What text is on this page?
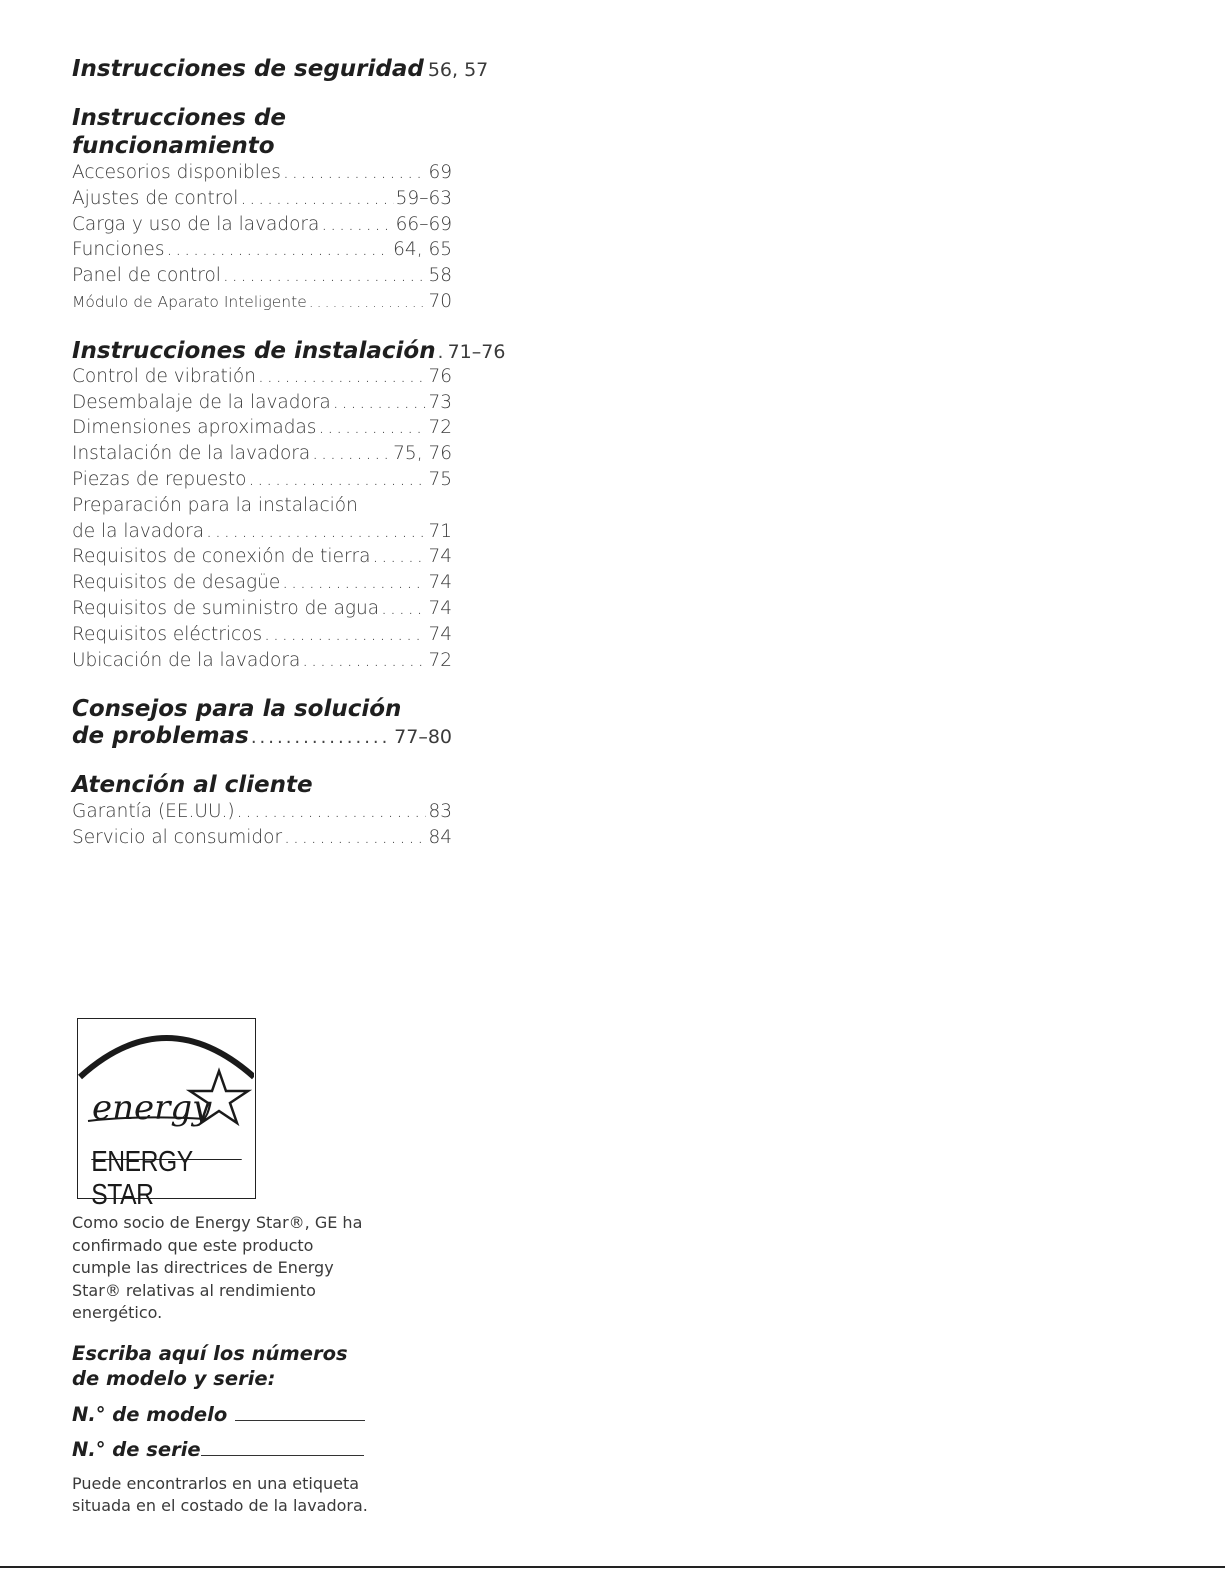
Instrucciones de seguridad 56, 57
Instrucciones de funcionamiento
Accesorios disponibles .....	69
Ajustes de control .....	59–63
Carga y uso de la lavadora .....	66–69
Funciones .....	64, 65
Panel de control .....	58
Módulo de Aparato Inteligente .....	70
Instrucciones de instalación ..... 71–76
Control de vibratión .....	76
Desembalaje de la lavadora .....	73
Dimensiones aproximadas .....	72
Instalación de la lavadora .....	75, 76
Piezas de repuesto .....	75
Preparación para la instalación
de la lavadora .....	71
Requisitos de conexión de tierra .....	74
Requisitos de desagüe .....	74
Requisitos de suministro de agua .....	74
Requisitos eléctricos .....	74
Ubicación de la lavadora .....	72
Consejos para la solución
de problemas .....	77–80
Atención al cliente
Garantía (EE.UU.) .....	83
Servicio al consumidor .....	84
energy
ENERGY STAR
Como socio de Energy Star®, GE ha confirmado que este producto cumple las directrices de Energy Star® relativas al rendimiento energético.
Escriba aquí los números de modelo y serie:
N.° de modelo
N.° de serie
Puede encontrarlos en una etiqueta situada en el costado de la lavadora.
